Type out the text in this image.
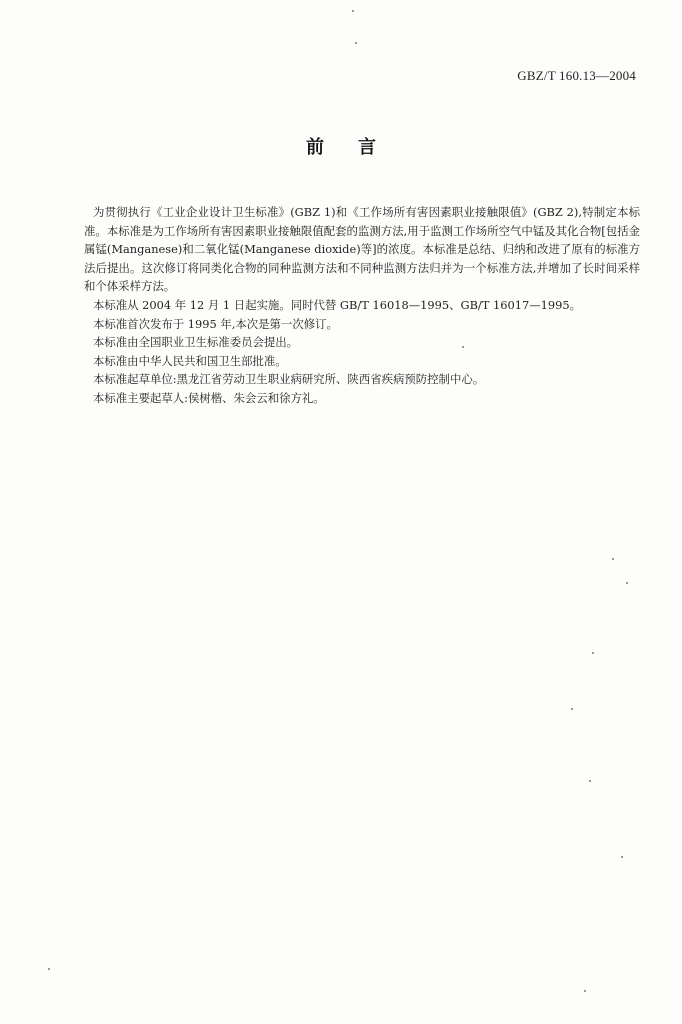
GBZ/T 160.13—2004
前言

为贯彻执行《工业企业设计卫生标准》(GBZ 1)和《工作场所有害因素职业接触限值》(GBZ 2),特制定本标准。本标准是为工作场所有害因素职业接触限值配套的监测方法,用于监测工作场所空气中锰及其化合物[包括金属锰(Manganese)和二氧化锰(Manganese dioxide)等]的浓度。本标准是总结、归纳和改进了原有的标准方法后提出。这次修订将同类化合物的同种监测方法和不同种监测方法归并为一个标准方法,并增加了长时间采样和个体采样方法。

本标准从 2004 年 12 月 1 日起实施。同时代替 GB/T 16018—1995、GB/T 16017—1995。
本标准首次发布于 1995 年,本次是第一次修订。
本标准由全国职业卫生标准委员会提出。
本标准由中华人民共和国卫生部批准。
本标准起草单位:黑龙江省劳动卫生职业病研究所、陕西省疾病预防控制中心。
本标准主要起草人:侯树楷、朱会云和徐方礼。
